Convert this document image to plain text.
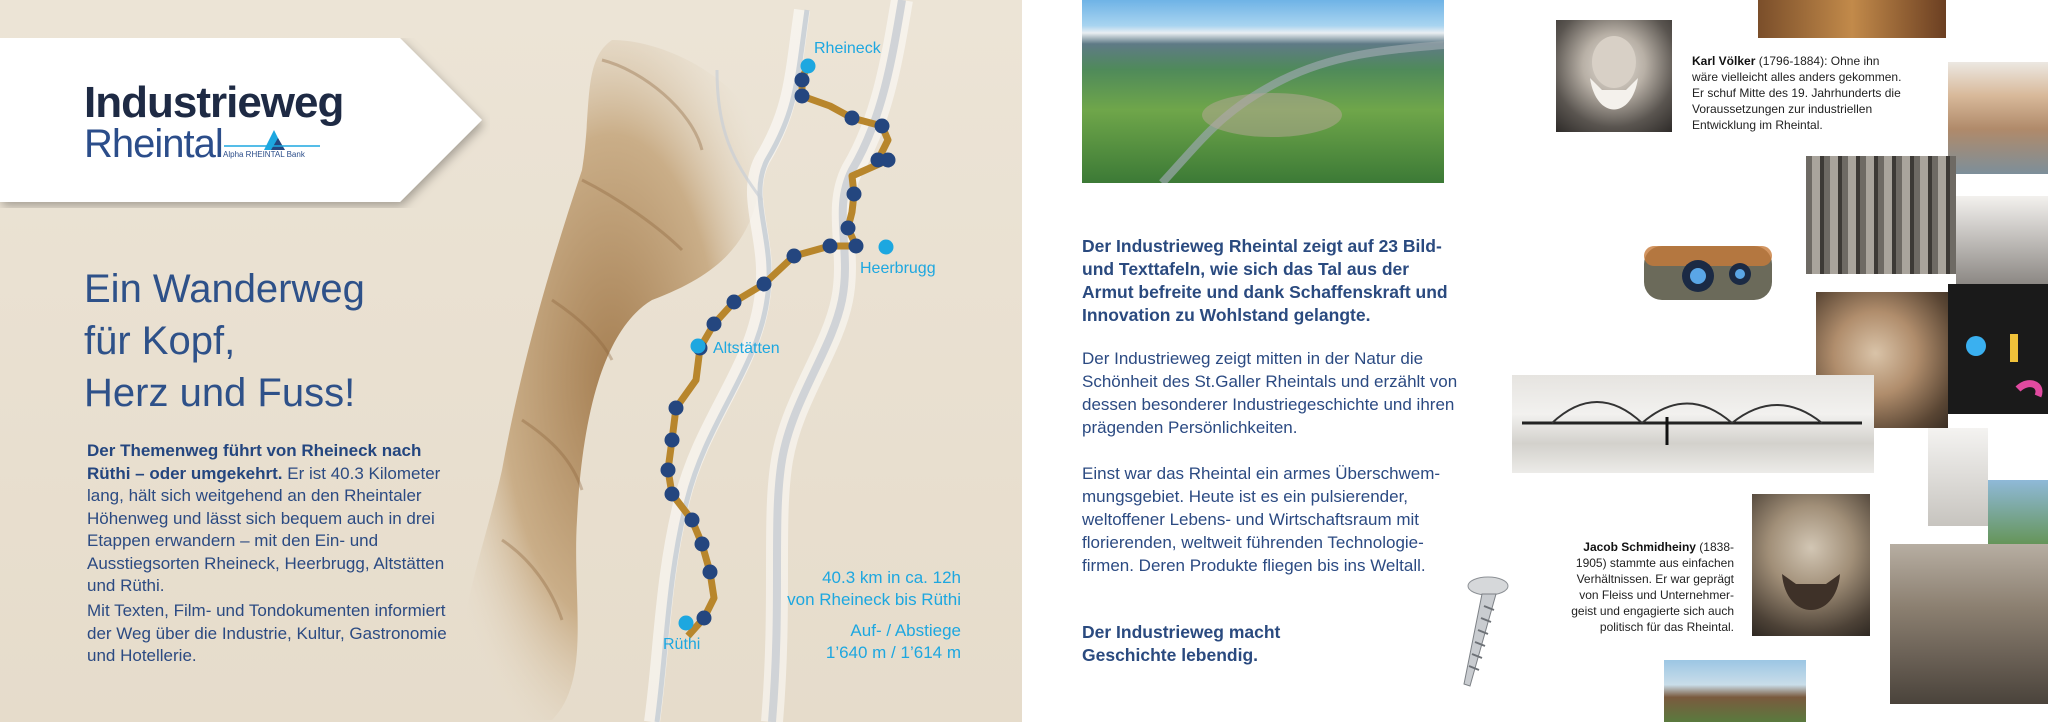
Industrieweg
Rheintal Alpha RHEINTAL Bank
Ein Wanderweg
für Kopf,
Herz und Fuss!
Der Themenweg führt von Rheineck nach Rüthi – oder umgekehrt. Er ist 40.3 Kilometer lang, hält sich weitgehend an den Rheintaler Höhenweg und lässt sich bequem auch in drei Etappen erwandern – mit den Ein- und Ausstiegsorten Rheineck, Heerbrugg, Altstätten und Rüthi.
Mit Texten, Film- und Tondokumenten informiert der Weg über die Industrie, Kultur, Gastronomie und Hotellerie.
Rheineck
Heerbrugg
Altstätten
Rüthi
40.3 km in ca. 12h
von Rheineck bis Rüthi
Auf- / Abstiege
1’640 m / 1’614 m
Der Industrieweg Rheintal zeigt auf 23 Bild- und Texttafeln, wie sich das Tal aus der Armut befreite und dank Schaffenskraft und Innovation zu Wohlstand gelangte.
Der Industrieweg zeigt mitten in der Natur die Schönheit des St.Galler Rheintals und erzählt von dessen besonderer Industriegeschichte und ihren prägenden Persönlichkeiten.
Einst war das Rheintal ein armes Überschwemmungsgebiet. Heute ist es ein pulsierender, weltoffener Lebens- und Wirtschaftsraum mit florierenden, weltweit führenden Technologiefirmen. Deren Produkte fliegen bis ins Weltall.
Der Industrieweg macht
Geschichte lebendig.
Karl Völker (1796-1884): Ohne ihn wäre vielleicht alles anders gekommen. Er schuf Mitte des 19. Jahrhunderts die Voraussetzungen zur industriellen Entwicklung im Rheintal.
Jacob Schmidheiny (1838-1905) stammte aus einfachen Verhältnissen. Er war geprägt von Fleiss und Unternehmergeist und engagierte sich auch politisch für das Rheintal.
